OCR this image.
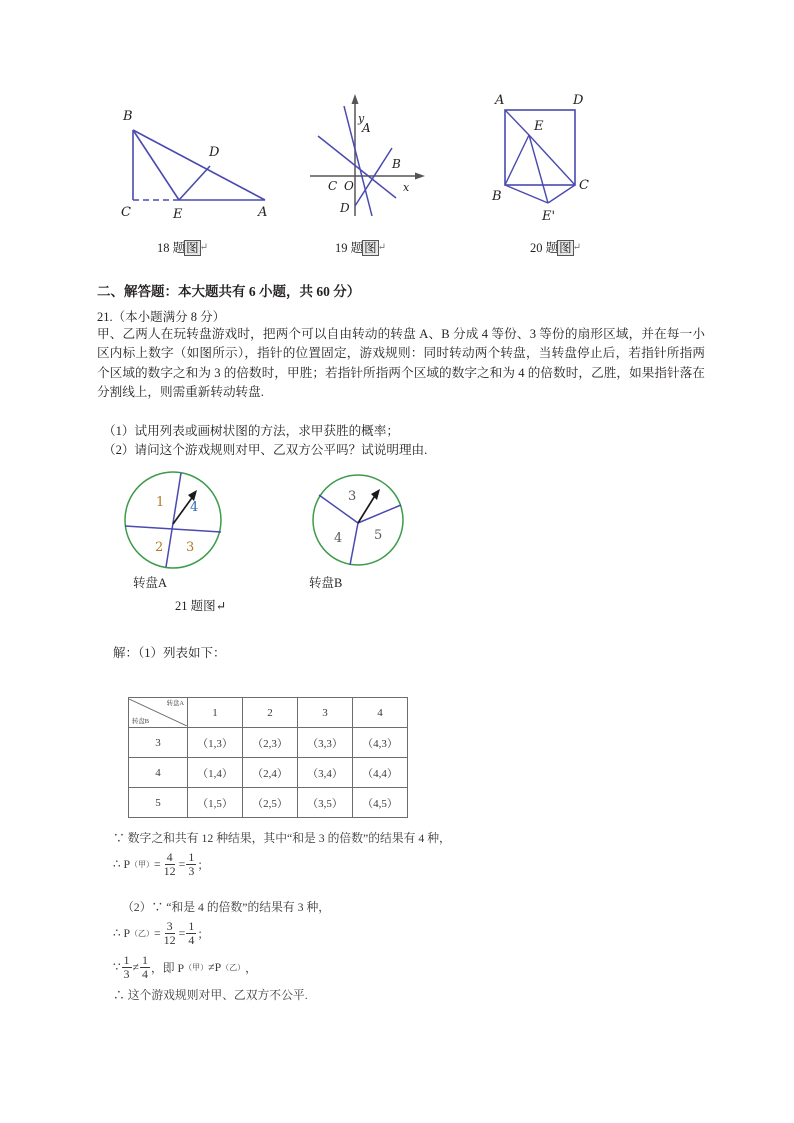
B
C	E	A
D
y
A
B
C O	x
D
A	D
E
B
C
E'
18 题图↵	19 题图↵	20 题图↵
二、解答题：本大题共有 6 小题，共 60 分）
21.（本小题满分 8 分）
甲、乙两人在玩转盘游戏时，把两个可以自由转动的转盘 A、B 分成 4 等份、3 等份的扇形区域，并在每一小区内标上数字（如图所示），指针的位置固定，游戏规则：同时转动两个转盘，当转盘停止后，若指针所指两个区域的数字之和为 3 的倍数时，甲胜；若指针所指两个区域的数字之和为 4 的倍数时，乙胜，如果指针落在分割线上，则需重新转动转盘.
（1）试用列表或画树状图的方法，求甲获胜的概率；
（2）请问这个游戏规则对甲、乙双方公平吗？试说明理由.
1 4
2 3
3
4 5
转盘A	转盘B
21 题图↵
解：（1）列表如下：
转盘A
转盘B	1	2	3	4
3	（1,3）	（2,3）	（3,3）	（4,3）
4	（1,4）	（2,4）	（3,4）	（4,4）
5	（1,5）	（2,5）	（3,5）	（4,5）
∵ 数字之和共有 12 种结果，其中“和是 3 的倍数”的结果有 4 种，
∴ P （甲） = $\frac{4}{12} = \frac{1}{3}$ ；
（2）∵ “和是 4 的倍数”的结果有 3 种，
∴ P （乙） = $\frac{3}{12} = \frac{1}{4}$ ；
∵ $\frac{1}{3} \ne \frac{1}{4}$ ，即 P （甲） ≠P （乙） ，
∴ 这个游戏规则对甲、乙双方不公平.
